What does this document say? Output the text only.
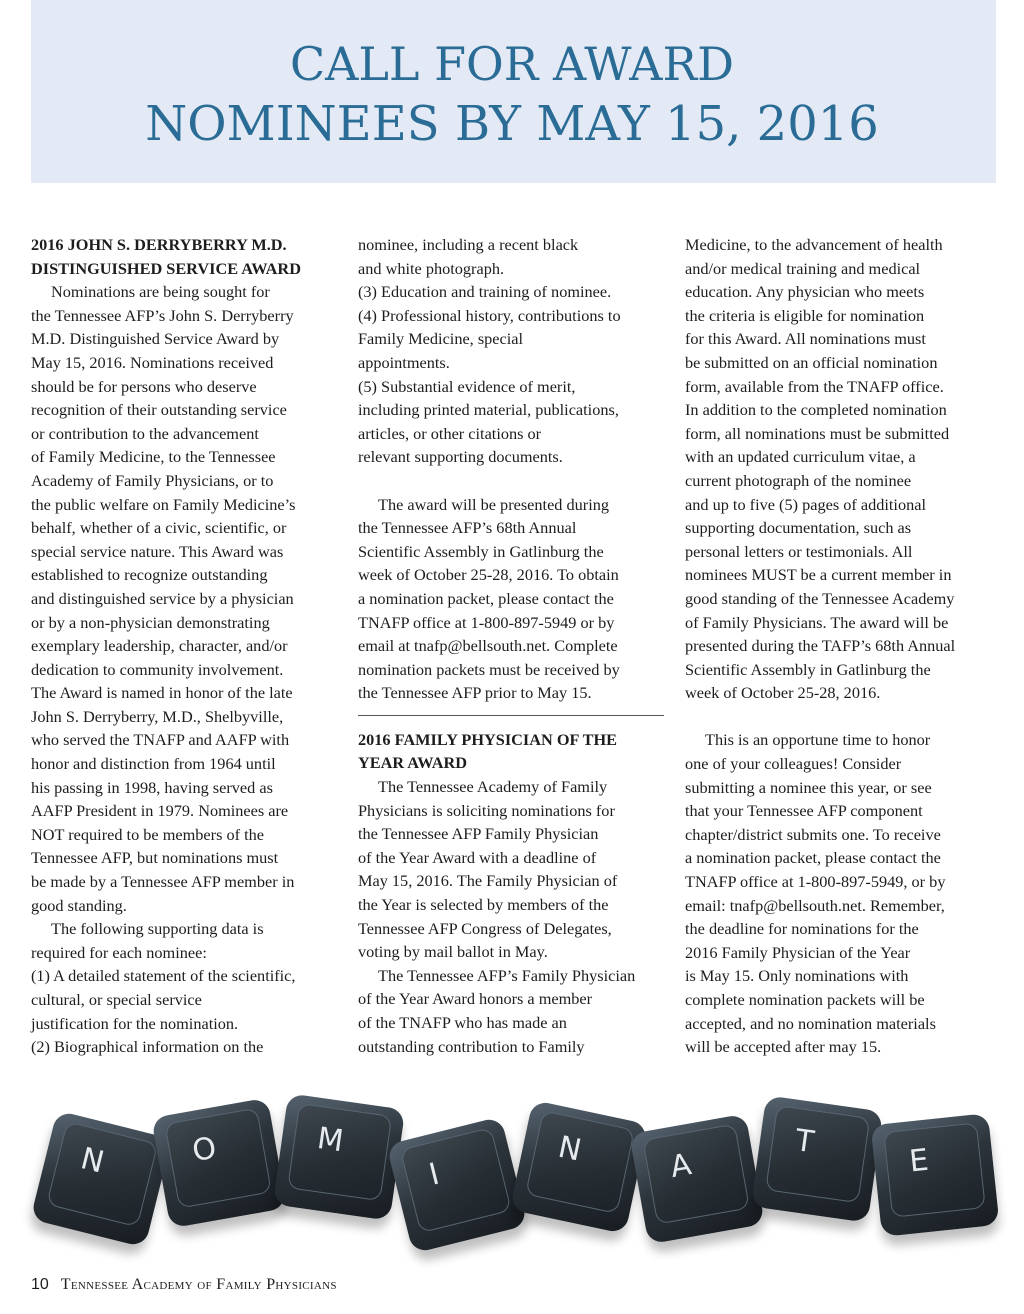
CALL FOR AWARD
NOMINEES BY MAY 15, 2016

2016 JOHN S. DERRYBERRY M.D.

DISTINGUISHED SERVICE AWARD

Nominations are being sought for

the Tennessee AFP’s John S. Derryberry

M.D. Distinguished Service Award by

May 15, 2016. Nominations received

should be for persons who deserve

recognition of their outstanding service

or contribution to the advancement

of Family Medicine, to the Tennessee

Academy of Family Physicians, or to

the public welfare on Family Medicine’s

behalf, whether of a civic, scientific, or

special service nature. This Award was

established to recognize outstanding

and distinguished service by a physician

or by a non-physician demonstrating

exemplary leadership, character, and/or

dedication to community involvement.

The Award is named in honor of the late

John S. Derryberry, M.D., Shelbyville,

who served the TNAFP and AAFP with

honor and distinction from 1964 until

his passing in 1998, having served as

AAFP President in 1979. Nominees are

NOT required to be members of the

Tennessee AFP, but nominations must

be made by a Tennessee AFP member in

good standing.

The following supporting data is

required for each nominee:

(1) A detailed statement of the scientific,

cultural, or special service

justification for the nomination.

(2) Biographical information on the

nominee, including a recent black

and white photograph.

(3) Education and training of nominee.

(4) Professional history, contributions to

Family Medicine, special

appointments.

(5) Substantial evidence of merit,

including printed material, publications,

articles, or other citations or

relevant supporting documents.

The award will be presented during

the Tennessee AFP’s 68th Annual

Scientific Assembly in Gatlinburg the

week of October 25-28, 2016. To obtain

a nomination packet, please contact the

TNAFP office at 1-800-897-5949 or by

email at tnafp@bellsouth.net. Complete

nomination packets must be received by

the Tennessee AFP prior to May 15.

2016 FAMILY PHYSICIAN OF THE

YEAR AWARD

The Tennessee Academy of Family

Physicians is soliciting nominations for

the Tennessee AFP Family Physician

of the Year Award with a deadline of

May 15, 2016. The Family Physician of

the Year is selected by members of the

Tennessee AFP Congress of Delegates,

voting by mail ballot in May.

The Tennessee AFP’s Family Physician

of the Year Award honors a member

of the TNAFP who has made an

outstanding contribution to Family

Medicine, to the advancement of health

and/or medical training and medical

education. Any physician who meets

the criteria is eligible for nomination

for this Award. All nominations must

be submitted on an official nomination

form, available from the TNAFP office.

In addition to the completed nomination

form, all nominations must be submitted

with an updated curriculum vitae, a

current photograph of the nominee

and up to five (5) pages of additional

supporting documentation, such as

personal letters or testimonials. All

nominees MUST be a current member in

good standing of the Tennessee Academy

of Family Physicians. The award will be

presented during the TAFP’s 68th Annual

Scientific Assembly in Gatlinburg the

week of October 25-28, 2016.

This is an opportune time to honor

one of your colleagues! Consider

submitting a nominee this year, or see

that your Tennessee AFP component

chapter/district submits one. To receive

a nomination packet, please contact the

TNAFP office at 1-800-897-5949, or by

email: tnafp@bellsouth.net. Remember,

the deadline for nominations for the

2016 Family Physician of the Year

is May 15. Only nominations with

complete nomination packets will be

accepted, and no nomination materials

will be accepted after may 15.

N	O	M
I
N	A
T
E
10 Tennessee Academy of Family Physicians
